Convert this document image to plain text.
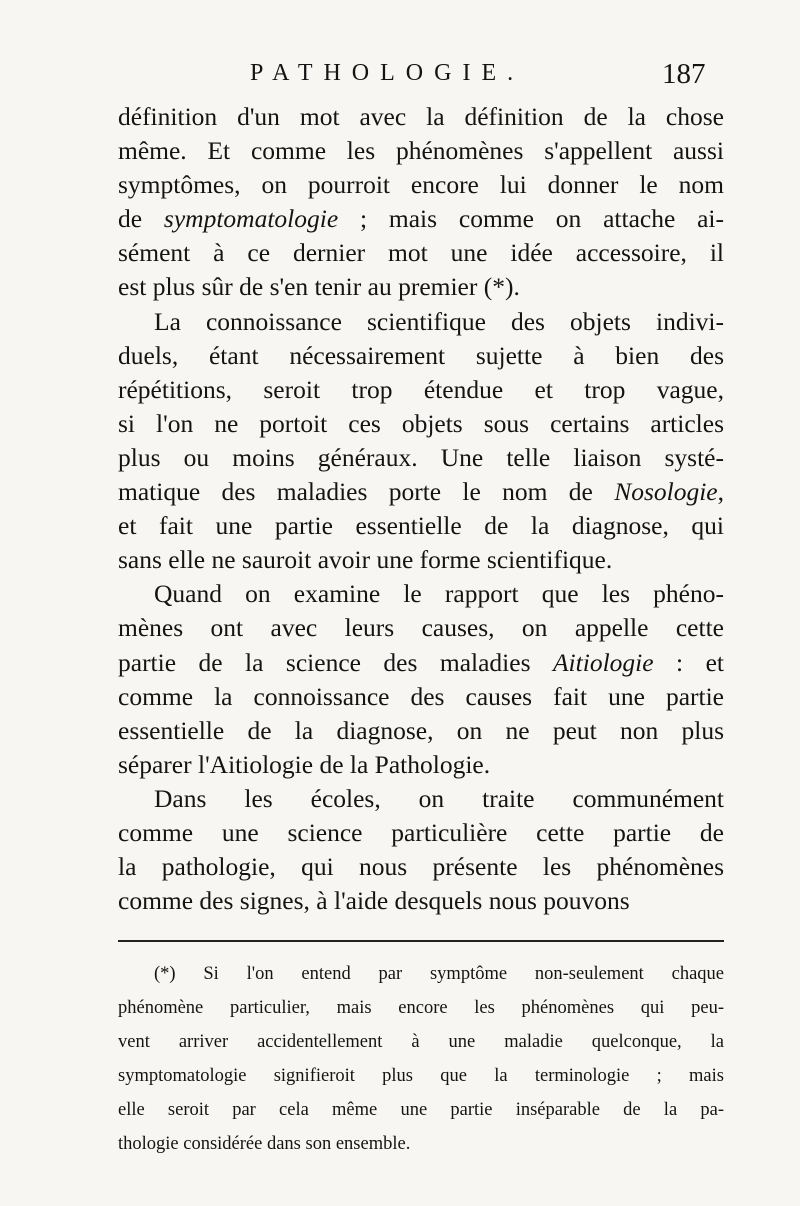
PATHOLOGIE.	187
définition d'un mot avec la définition de la chose
même. Et comme les phénomènes s'appellent aussi
symptômes, on pourroit encore lui donner le nom
de symptomatologie ; mais comme on attache ai-
sément à ce dernier mot une idée accessoire, il
est plus sûr de s'en tenir au premier (*).
La connoissance scientifique des objets indivi-
duels, étant nécessairement sujette à bien des
répétitions, seroit trop étendue et trop vague,
si l'on ne portoit ces objets sous certains articles
plus ou moins généraux. Une telle liaison systé-
matique des maladies porte le nom de Nosologie,
et fait une partie essentielle de la diagnose, qui
sans elle ne sauroit avoir une forme scientifique.
Quand on examine le rapport que les phéno-
mènes ont avec leurs causes, on appelle cette
partie de la science des maladies Aitiologie : et
comme la connoissance des causes fait une partie
essentielle de la diagnose, on ne peut non plus
séparer l'Aitiologie de la Pathologie.
Dans les écoles, on traite communément
comme une science particulière cette partie de
la pathologie, qui nous présente les phénomènes
comme des signes, à l'aide desquels nous pouvons
(*) Si l'on entend par symptôme non-seulement chaque
phénomène particulier, mais encore les phénomènes qui peu-
vent arriver accidentellement à une maladie quelconque, la
symptomatologie signifieroit plus que la terminologie ; mais
elle seroit par cela même une partie inséparable de la pa-
thologie considérée dans son ensemble.
